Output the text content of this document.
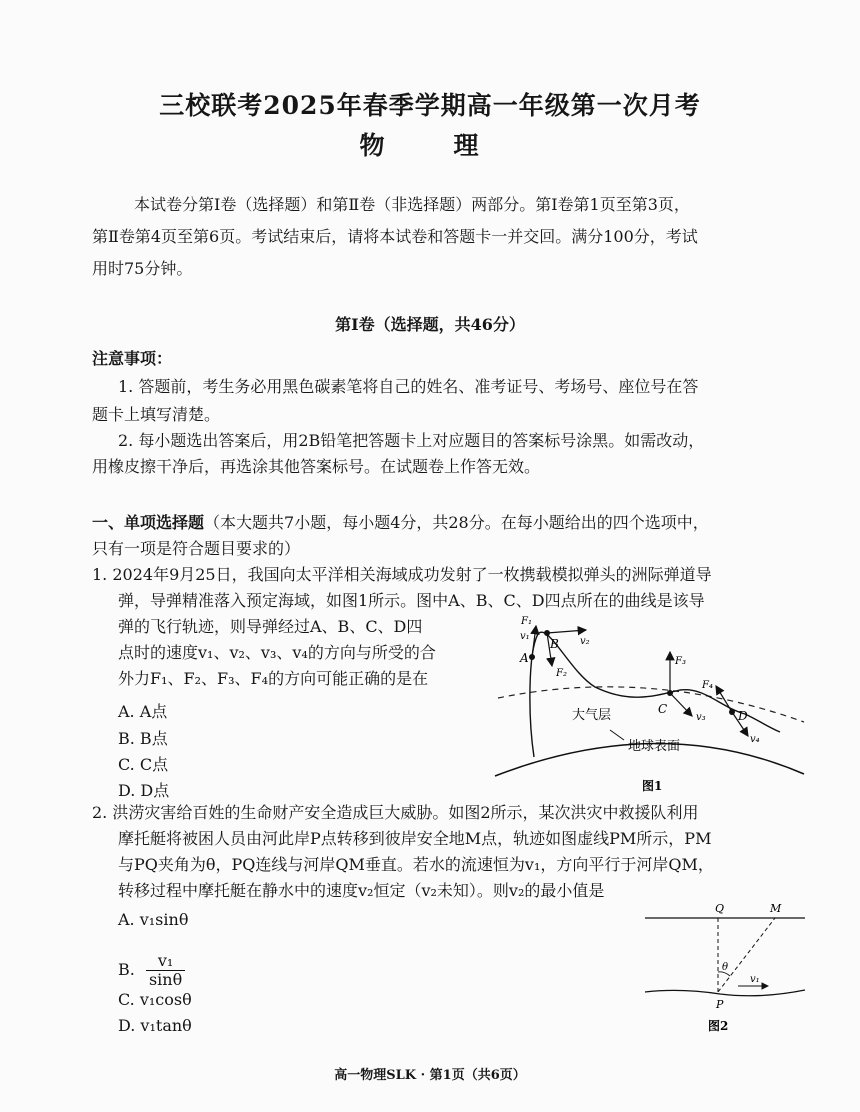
三校联考2025年春季学期高一年级第一次月考
物　理
本试卷分第Ⅰ卷（选择题）和第Ⅱ卷（非选择题）两部分。第Ⅰ卷第1页至第3页，
第Ⅱ卷第4页至第6页。考试结束后，请将本试卷和答题卡一并交回。满分100分，考试
用时75分钟。
第Ⅰ卷（选择题，共46分）
注意事项：
1. 答题前，考生务必用黑色碳素笔将自己的姓名、准考证号、考场号、座位号在答
题卡上填写清楚。
2. 每小题选出答案后，用2B铅笔把答题卡上对应题目的答案标号涂黑。如需改动，
用橡皮擦干净后，再选涂其他答案标号。在试题卷上作答无效。
一、单项选择题（本大题共7小题，每小题4分，共28分。在每小题给出的四个选项中，
只有一项是符合题目要求的）
1. 2024年9月25日，我国向太平洋相关海域成功发射了一枚携载模拟弹头的洲际弹道导
弹，导弹精准落入预定海域，如图1所示。图中A、B、C、D四点所在的曲线是该导
弹的飞行轨迹，则导弹经过A、B、C、D四
点时的速度v₁、v₂、v₃、v₄的方向与所受的合
外力F₁、F₂、F₃、F₄的方向可能正确的是在
A. A点
B. B点
C. C点
D. D点
A
B
C	D
F₁
F₂
F₃
F₄
v₁	v₂
v₃
v₄
大气层
地球表面
图1
2. 洪涝灾害给百姓的生命财产安全造成巨大威胁。如图2所示，某次洪灾中救援队利用
摩托艇将被困人员由河此岸P点转移到彼岸安全地M点，轨迹如图虚线PM所示，PM
与PQ夹角为θ，PQ连线与河岸QM垂直。若水的流速恒为v₁，方向平行于河岸QM，
转移过程中摩托艇在静水中的速度v₂恒定（v₂未知）。则v₂的最小值是
A. v₁sinθ
B. $\frac{\text{v₁}}{\sin\theta}$
C. v₁cosθ
D. v₁tanθ
Q	M
P
θ
v₁
图2
高一物理SLK · 第1页（共6页）
